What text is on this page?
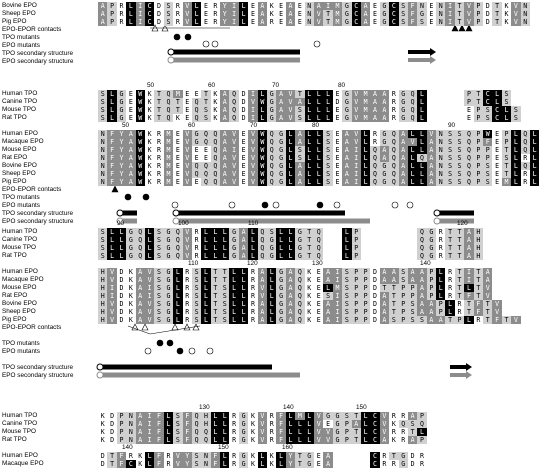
Bovine EPO	A P R L I C D S R V L E R Y I L E A K E A E N A I M G C A E G C S F N E N I T V P D T K V N
Sheep EPO	A P R L I C D S R V L E R Y I L E A K E A E N V T M G C A E G C S F G E N I T V P D T K V N
Pig EPO	A P R L I C D S R V L E R Y I L E A R E A E N V T M G C A E G C S F S E N I T V P D T K V N
EPO-EPOR contacts
TPO mutants
EPO mutants
TPO secondary structure
EPO secondary structure
50	60	70	80
50	60	70	80	90
Human TPO	S L G E W K T Q M E E T K A Q D I L G A V T L L L E G V M A A R G Q L	P T C L S
Canine TPO	S L G E W K T Q T E Q T K A Q D V W G A V A L L L D G V M A A R G Q L	P T C L S
Mouse TPO	S L G E W K T Q T E Q S K A Q D I L G A V S L L L E G V M A A R G Q L	E P S C L S
Rat TPO	S L G E W K T Q K E Q S K A Q D I L G A V S L L L E G V M A A R G Q L	E P S C L S
Human EPO	N F Y A W K R M E V G Q Q A V E V W Q G L A L L S E A V L R G Q A L L V N S S Q P W E P L Q L
Macaque EPO	N F Y A W K R M E V G Q Q A V E V W Q G L A L L S E A V L R G Q A V L A N S S Q P F E P L Q L
Mouse EPO	N F Y A W K R M E V E E Q A I E V W Q G L S L L S E A I L Q A Q A L L A N S S Q P P E T L Q L
Rat EPO	N F Y A W K R M E V E E Q A V E V W Q G L S L L S E A I L Q A Q A L Q A N S S Q P P E S L R L
Bovine EPO	N F Y A W K R M E V Q Q Q A V E V W Q G L A L L S E A I L Q G Q A L L A N S S Q P S E T L Q L
Sheep EPO	N F Y A W K R M E V Q Q Q A V E V W Q G L A L L S E A I L Q G Q A L L A N S S Q P S E T L R L
Pig EPO	N F Y A W K R M E V E Q Q A V E V W Q G L A L L S E A I L Q G Q A L L A N S S Q P S E M L R L
EPO-EPOR contacts
TPO mutants
EPO mutants
TPO secondary structure
EPO secondary structure	90	100	110	120
110	120	130	140
Human TPO	S L L G Q L S G Q V R L L L G A L Q S L L G T Q	L P	Q G R T T A H
Canine TPO	S L L G Q L S G Q V R L L L G A L Q G L L G T Q	L P	Q G R T T A H
Mouse TPO	S L L G Q L S G Q V R L L L G A L Q G L L G T Q	L P	Q G R T T A H
Rat TPO	S L L G Q L S G Q V R L L L G A L Q G L L G T Q	L P	Q G R T T A H
Human EPO	H V D K A V S G L R S L T T L L R A L G A Q K E A I S P P D A A S A A P L R T I T A
Macaque EPO	H V D K A V S G L R S L T T L L R A L G A Q K E A I S P P D A A S A A P L R T I T A
Mouse EPO	H I D K A I S G L R S L T S L L R V L G A Q K E L M S P P D T T P P A P L R T L T V
Rat EPO	H I D K A I S G L R S L T S L L R V L G A Q K E S I S P P D A T P P A P L R T F T V
Bovine EPO	H V D K A V S G L R S L T S L L R A L G A Q K E A I S P P D A T P S A A P L R T F T V
Sheep EPO	H V D K A V S G L R S L T S L L R A L G A Q K E A I S P P D A T P S A A P L R T F T V
Pig EPO	H V D K A V S G L R S L T S L L R A L G A Q K E A I S P P D A S P S S A A T P L R T F T V
EPO-EPOR contacts
TPO mutants
EPO mutants
TPO secondary structure
EPO secondary structure
130	140	150
140	150	160
Human TPO	K D P N A I F L S F Q H L L R G K V R F L M L V G G S T L C V R R A P
Canine TPO	K D P N A I F L S F Q H L L R G K V R F L L L V E G P A L C V K Q S Q
Mouse TPO	K D P N A I F L S F Q Q L L R G K V R F L L L V V G P T L C V R R T L
Rat TPO	K D P N A I F L S F Q Q L L R G K V R F L L L V V G P T L C A K R A P
Human EPO	D T F R K L F R V Y S N F L R G K L K L Y T G E A	C R T G D R
Macaque EPO	D T F C K L F R V Y S N F L R G K L K L Y T G E A	C R R G D R
